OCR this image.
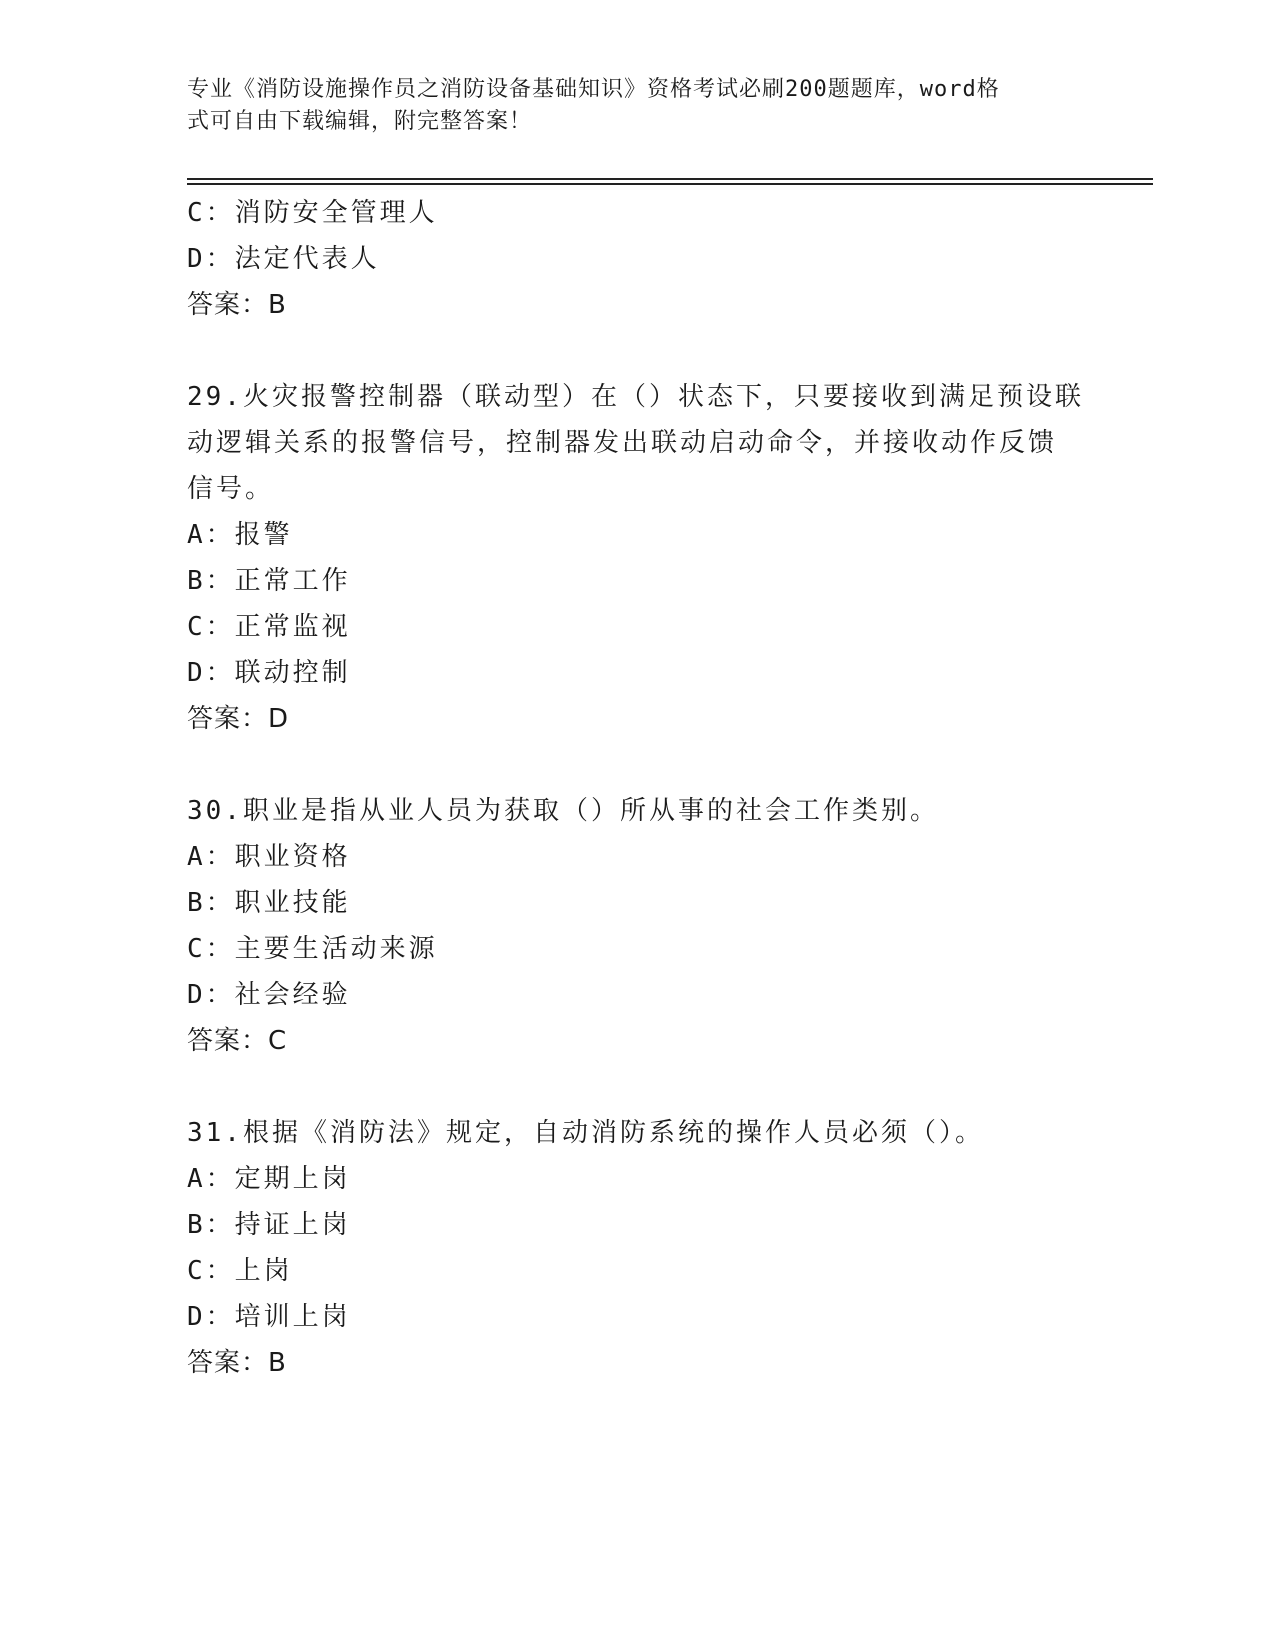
专业《消防设施操作员之消防设备基础知识》资格考试必刷200题题库，word格
式可自由下载编辑，附完整答案！
C：消防安全管理人
D：法定代表人
答案：B
29.火灾报警控制器（联动型）在（）状态下，只要接收到满足预设联
动逻辑关系的报警信号，控制器发出联动启动命令，并接收动作反馈
信号。
A：报警
B：正常工作
C：正常监视
D：联动控制
答案：D
30.职业是指从业人员为获取（）所从事的社会工作类别。
A：职业资格
B：职业技能
C：主要生活动来源
D：社会经验
答案：C
31.根据《消防法》规定，自动消防系统的操作人员必须（）。
A：定期上岗
B：持证上岗
C：上岗
D：培训上岗
答案：B
